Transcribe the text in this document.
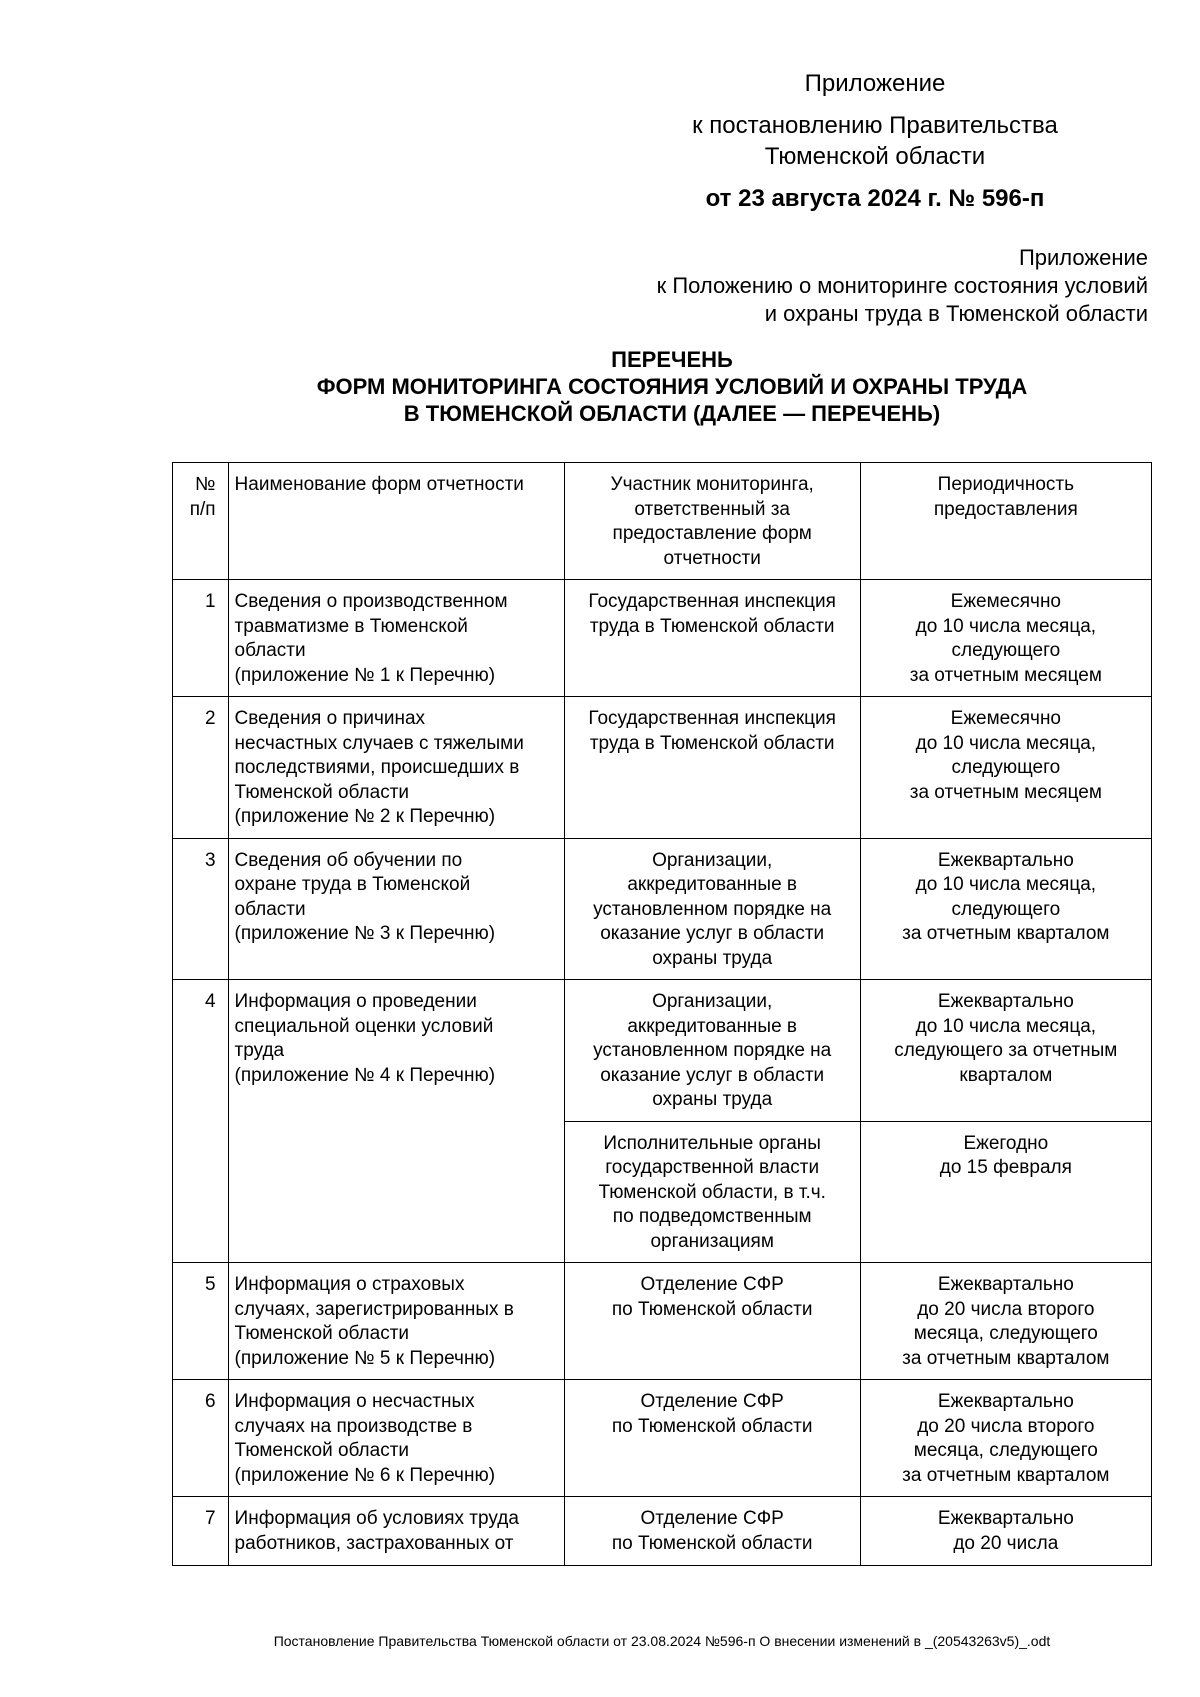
Приложение
к постановлению Правительства
Тюменской области
от 23 августа 2024 г. № 596-п
Приложение
к Положению о мониторинге состояния условий
и охраны труда в Тюменской области
ПЕРЕЧЕНЬ
ФОРМ МОНИТОРИНГА СОСТОЯНИЯ УСЛОВИЙ И ОХРАНЫ ТРУДА
В ТЮМЕНСКОЙ ОБЛАСТИ (ДАЛЕЕ — ПЕРЕЧЕНЬ)
№
п/п	Наименование форм отчетности	Участник мониторинга,
ответственный за
предоставление форм
отчетности	Периодичность
предоставления
1	Сведения о производственном
травматизме в Тюменской
области
(приложение № 1 к Перечню)	Государственная инспекция
труда в Тюменской области	Ежемесячно
до 10 числа месяца,
следующего
за отчетным месяцем
2	Сведения о причинах
несчастных случаев с тяжелыми
последствиями, происшедших в
Тюменской области
(приложение № 2 к Перечню)	Государственная инспекция
труда в Тюменской области	Ежемесячно
до 10 числа месяца,
следующего
за отчетным месяцем
3	Сведения об обучении по
охране труда в Тюменской
области
(приложение № 3 к Перечню)	Организации,
аккредитованные в
установленном порядке на
оказание услуг в области
охраны труда	Ежеквартально
до 10 числа месяца,
следующего
за отчетным кварталом
4	Информация о проведении
специальной оценки условий
труда
(приложение № 4 к Перечню)	Организации,
аккредитованные в
установленном порядке на
оказание услуг в области
охраны труда	Ежеквартально
до 10 числа месяца,
следующего за отчетным
кварталом
		Исполнительные органы
государственной власти
Тюменской области, в т.ч.
по подведомственным
организациям	Ежегодно
до 15 февраля
5	Информация о страховых
случаях, зарегистрированных в
Тюменской области
(приложение № 5 к Перечню)	Отделение СФР
по Тюменской области	Ежеквартально
до 20 числа второго
месяца, следующего
за отчетным кварталом
6	Информация о несчастных
случаях на производстве в
Тюменской области
(приложение № 6 к Перечню)	Отделение СФР
по Тюменской области	Ежеквартально
до 20 числа второго
месяца, следующего
за отчетным кварталом
7	Информация об условиях труда
работников, застрахованных от	Отделение СФР
по Тюменской области	Ежеквартально
до 20 числа
Постановление Правительства Тюменской области от 23.08.2024 №596-п О внесении изменений в _(20543263v5)_.odt
